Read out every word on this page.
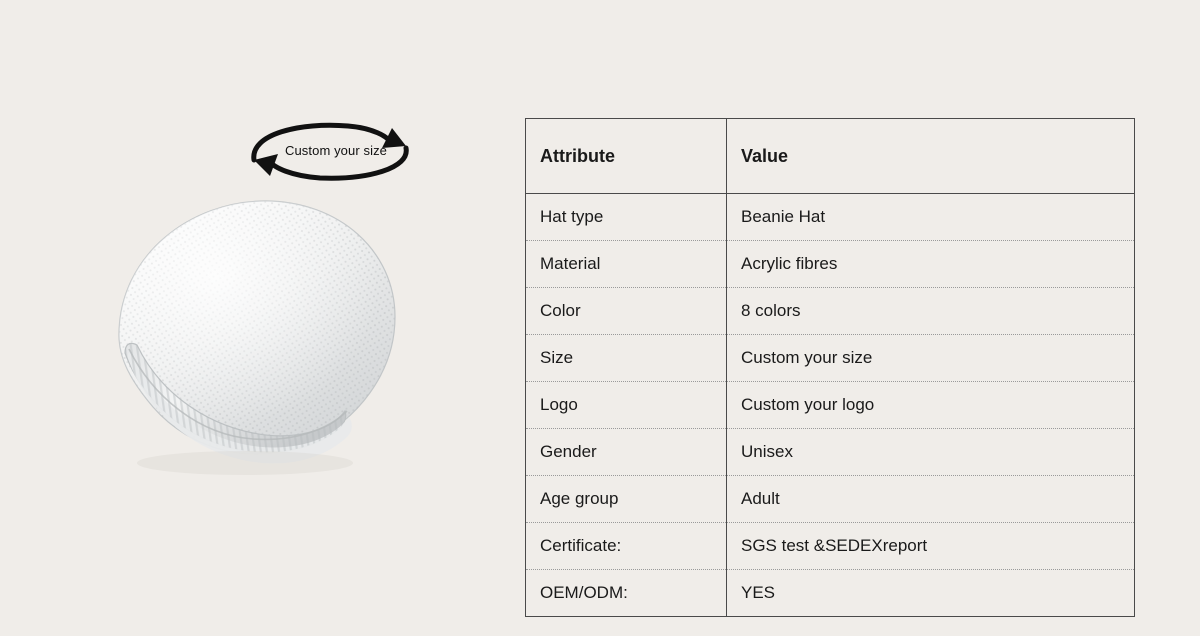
Custom your size	Attribute	Value
Hat type	Beanie Hat
Material	Acrylic fibres
Color	8 colors
Size	Custom your size
Logo	Custom your logo
Gender	Unisex
Age group	Adult
Certificate:	SGS test &SEDEXreport
OEM/ODM:	YES
